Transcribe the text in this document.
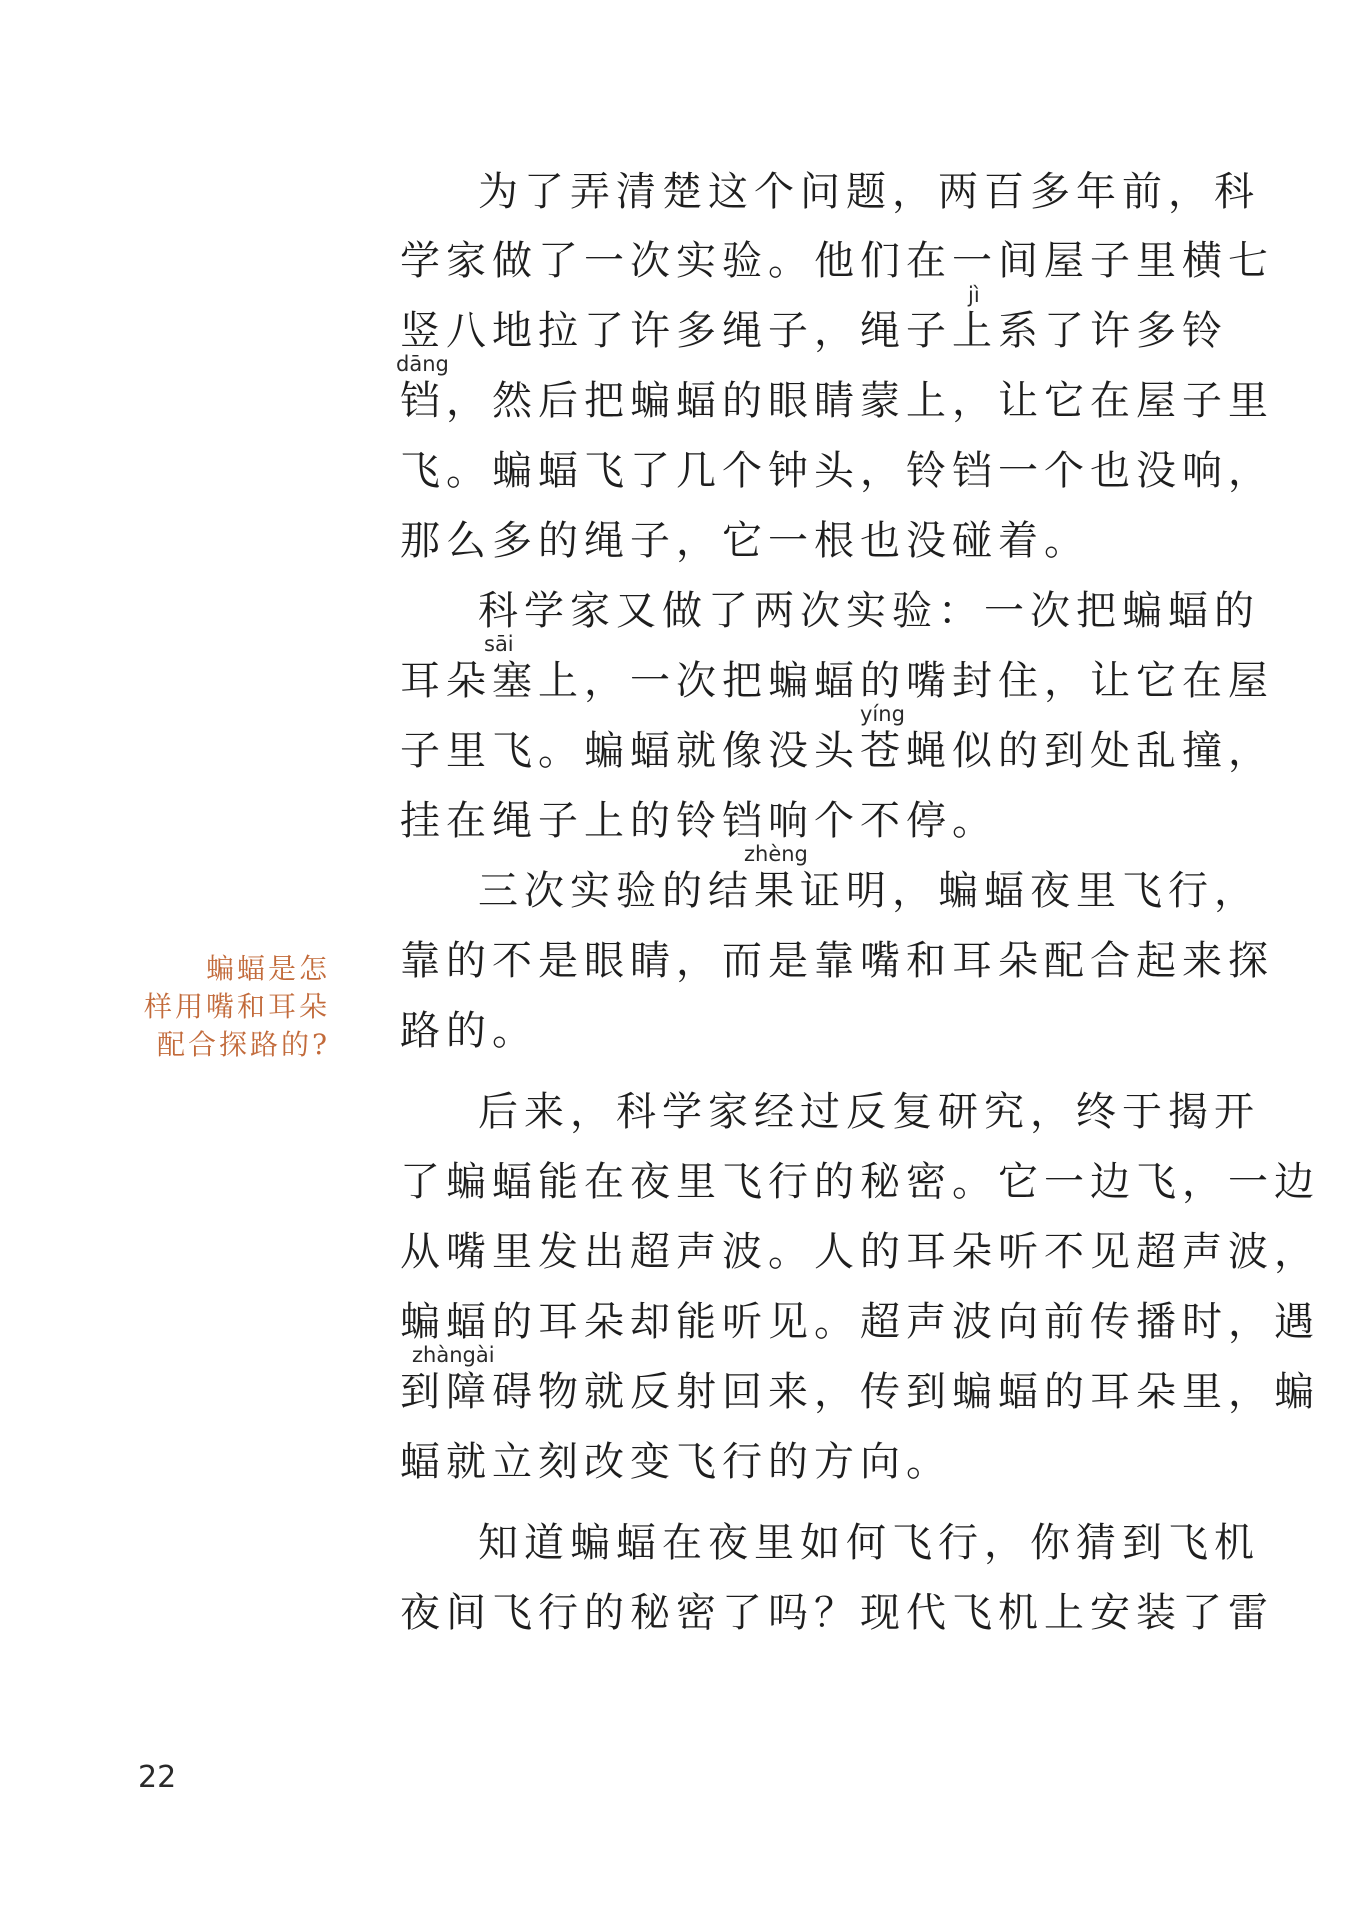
为了弄清楚这个问题，两百多年前，科
学家做了一次实验。他们在一间屋子里横七
jì
竖八地拉了许多绳子，绳子上系了许多铃
dāng
铛，然后把蝙蝠的眼睛蒙上，让它在屋子里
飞。蝙蝠飞了几个钟头，铃铛一个也没响，
那么多的绳子，它一根也没碰着。
科学家又做了两次实验：一次把蝙蝠的
sāi
耳朵塞上，一次把蝙蝠的嘴封住，让它在屋
yíng
子里飞。蝙蝠就像没头苍蝇似的到处乱撞，
挂在绳子上的铃铛响个不停。
zhèng
三次实验的结果证明，蝙蝠夜里飞行，
靠的不是眼睛，而是靠嘴和耳朵配合起来探
路的。
蝙蝠是怎
样用嘴和耳朵
配合探路的?
后来，科学家经过反复研究，终于揭开
了蝙蝠能在夜里飞行的秘密。它一边飞，一边
从嘴里发出超声波。人的耳朵听不见超声波，
蝙蝠的耳朵却能听见。超声波向前传播时，遇
zhàngài
到障碍物就反射回来，传到蝙蝠的耳朵里，蝙
蝠就立刻改变飞行的方向。
知道蝙蝠在夜里如何飞行，你猜到飞机
夜间飞行的秘密了吗？现代飞机上安装了雷
22
